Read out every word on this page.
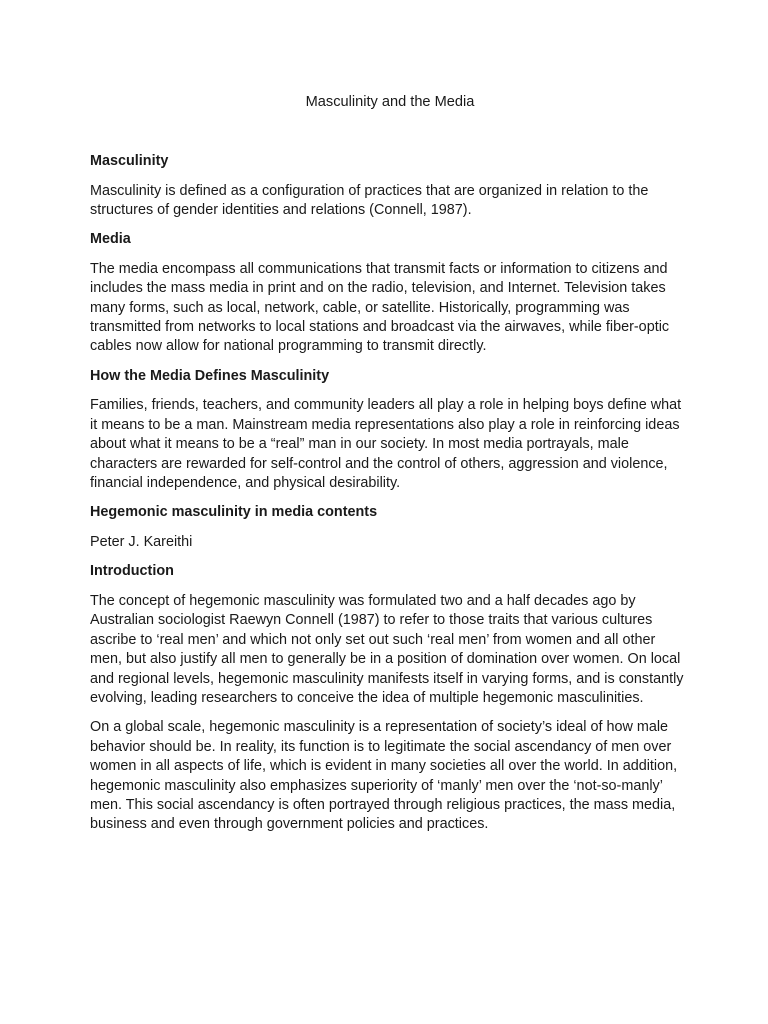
Masculinity and the Media
Masculinity

Masculinity is defined as a configuration of practices that are organized in relation to the structures of gender identities and relations (Connell, 1987).

Media

The media encompass all communications that transmit facts or information to citizens and includes the mass media in print and on the radio, television, and Internet. Television takes many forms, such as local, network, cable, or satellite. Historically, programming was transmitted from networks to local stations and broadcast via the airwaves, while fiber-optic cables now allow for national programming to transmit directly.

How the Media Defines Masculinity

Families, friends, teachers, and community leaders all play a role in helping boys define what it means to be a man. Mainstream media representations also play a role in reinforcing ideas about what it means to be a “real” man in our society. In most media portrayals, male characters are rewarded for self-control and the control of others, aggression and violence, financial independence, and physical desirability.

Hegemonic masculinity in media contents
Peter J. Kareithi
Introduction

The concept of hegemonic masculinity was formulated two and a half decades ago by Australian sociologist Raewyn Connell (1987) to refer to those traits that various cultures ascribe to ‘real men’ and which not only set out such ‘real men’ from women and all other men, but also justify all men to generally be in a position of domination over women. On local and regional levels, hegemonic masculinity manifests itself in varying forms, and is constantly evolving, leading researchers to conceive the idea of multiple hegemonic masculinities.

On a global scale, hegemonic masculinity is a representation of society’s ideal of how male behavior should be. In reality, its function is to legitimate the social ascendancy of men over women in all aspects of life, which is evident in many societies all over the world. In addition, hegemonic masculinity also emphasizes superiority of ‘manly’ men over the ‘not-so-manly’ men. This social ascendancy is often portrayed through religious practices, the mass media, business and even through government policies and practices.
